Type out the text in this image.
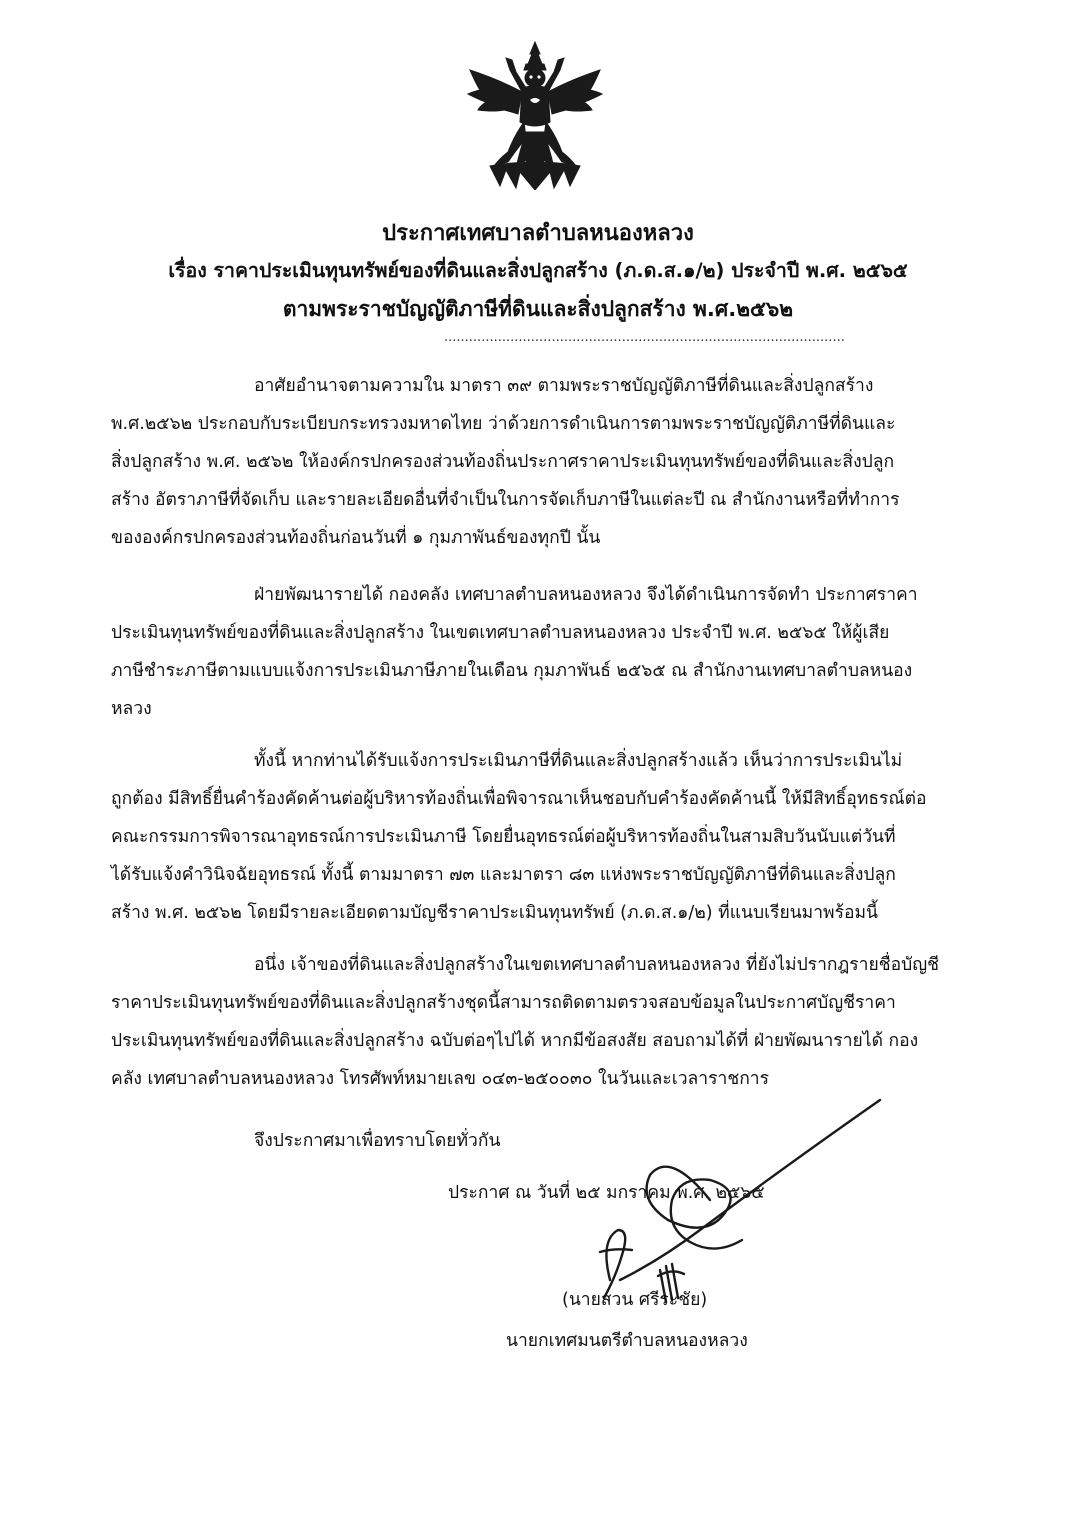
ประกาศเทศบาลตำบลหนองหลวง
เรื่อง ราคาประเมินทุนทรัพย์ของที่ดินและสิ่งปลูกสร้าง (ภ.ด.ส.๑/๒) ประจำปี พ.ศ. ๒๕๖๕
ตามพระราชบัญญัติภาษีที่ดินและสิ่งปลูกสร้าง พ.ศ.๒๕๖๒
.................................................................................................
อาศัยอำนาจตามความใน มาตรา ๓๙ ตามพระราชบัญญัติภาษีที่ดินและสิ่งปลูกสร้าง
พ.ศ.๒๕๖๒ ประกอบกับระเบียบกระทรวงมหาดไทย ว่าด้วยการดำเนินการตามพระราชบัญญัติภาษีที่ดินและ
สิ่งปลูกสร้าง พ.ศ. ๒๕๖๒ ให้องค์กรปกครองส่วนท้องถิ่นประกาศราคาประเมินทุนทรัพย์ของที่ดินและสิ่งปลูก
สร้าง อัตราภาษีที่จัดเก็บ และรายละเอียดอื่นที่จำเป็นในการจัดเก็บภาษีในแต่ละปี ณ สำนักงานหรือที่ทำการ
ขององค์กรปกครองส่วนท้องถิ่นก่อนวันที่ ๑ กุมภาพันธ์ของทุกปี นั้น
ฝ่ายพัฒนารายได้ กองคลัง เทศบาลตำบลหนองหลวง จึงได้ดำเนินการจัดทำ ประกาศราคา
ประเมินทุนทรัพย์ของที่ดินและสิ่งปลูกสร้าง ในเขตเทศบาลตำบลหนองหลวง ประจำปี พ.ศ. ๒๕๖๕ ให้ผู้เสีย
ภาษีชำระภาษีตามแบบแจ้งการประเมินภาษีภายในเดือน กุมภาพันธ์ ๒๕๖๕ ณ สำนักงานเทศบาลตำบลหนอง
หลวง
ทั้งนี้ หากท่านได้รับแจ้งการประเมินภาษีที่ดินและสิ่งปลูกสร้างแล้ว เห็นว่าการประเมินไม่
ถูกต้อง มีสิทธิ์ยื่นคำร้องคัดค้านต่อผู้บริหารท้องถิ่นเพื่อพิจารณาเห็นชอบกับคำร้องคัดค้านนี้ ให้มีสิทธิ์อุทธรณ์ต่อ
คณะกรรมการพิจารณาอุทธรณ์การประเมินภาษี โดยยื่นอุทธรณ์ต่อผู้บริหารท้องถิ่นในสามสิบวันนับแต่วันที่
ได้รับแจ้งคำวินิจฉัยอุทธรณ์ ทั้งนี้ ตามมาตรา ๗๓ และมาตรา ๘๓ แห่งพระราชบัญญัติภาษีที่ดินและสิ่งปลูก
สร้าง พ.ศ. ๒๕๖๒ โดยมีรายละเอียดตามบัญชีราคาประเมินทุนทรัพย์ (ภ.ด.ส.๑/๒) ที่แนบเรียนมาพร้อมนี้
อนึ่ง เจ้าของที่ดินและสิ่งปลูกสร้างในเขตเทศบาลตำบลหนองหลวง ที่ยังไม่ปรากฎรายชื่อบัญชี
ราคาประเมินทุนทรัพย์ของที่ดินและสิ่งปลูกสร้างชุดนี้สามารถติดตามตรวจสอบข้อมูลในประกาศบัญชีราคา
ประเมินทุนทรัพย์ของที่ดินและสิ่งปลูกสร้าง ฉบับต่อๆไปได้ หากมีข้อสงสัย สอบถามได้ที่ ฝ่ายพัฒนารายได้ กอง
คลัง เทศบาลตำบลหนองหลวง โทรศัพท์หมายเลข ๐๔๓-๒๕๐๐๓๐ ในวันและเวลาราชการ
จึงประกาศมาเพื่อทราบโดยทั่วกัน
ประกาศ ณ วันที่ ๒๕ มกราคม พ.ศ. ๒๕๖๕
(นายสวน ศรีระชัย)
นายกเทศมนตรีตำบลหนองหลวง
